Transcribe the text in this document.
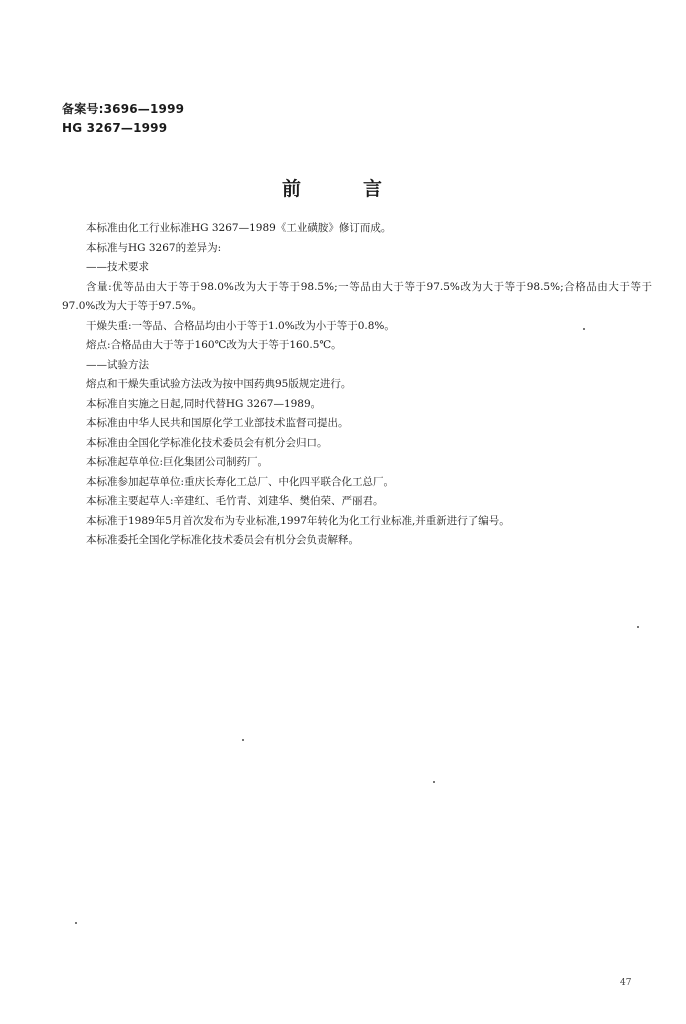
备案号:3696—1999
HG 3267—1999
前言

本标准由化工行业标准HG 3267—1989《工业磺胺》修订而成。

本标准与HG 3267的差异为:

——技术要求

含量:优等品由大于等于98.0%改为大于等于98.5%;一等品由大于等于97.5%改为大于等于98.5%;合格品由大于等于97.0%改为大于等于97.5%。

干燥失重:一等品、合格品均由小于等于1.0%改为小于等于0.8%。

熔点:合格品由大于等于160℃改为大于等于160.5℃。

——试验方法

熔点和干燥失重试验方法改为按中国药典95版规定进行。

本标准自实施之日起,同时代替HG 3267—1989。

本标准由中华人民共和国原化学工业部技术监督司提出。

本标准由全国化学标准化技术委员会有机分会归口。

本标准起草单位:巨化集团公司制药厂。

本标准参加起草单位:重庆长寿化工总厂、中化四平联合化工总厂。

本标准主要起草人:辛建红、毛竹青、刘建华、樊伯荣、严丽君。

本标准于1989年5月首次发布为专业标准,1997年转化为化工行业标准,并重新进行了编号。

本标准委托全国化学标准化技术委员会有机分会负责解释。

47
